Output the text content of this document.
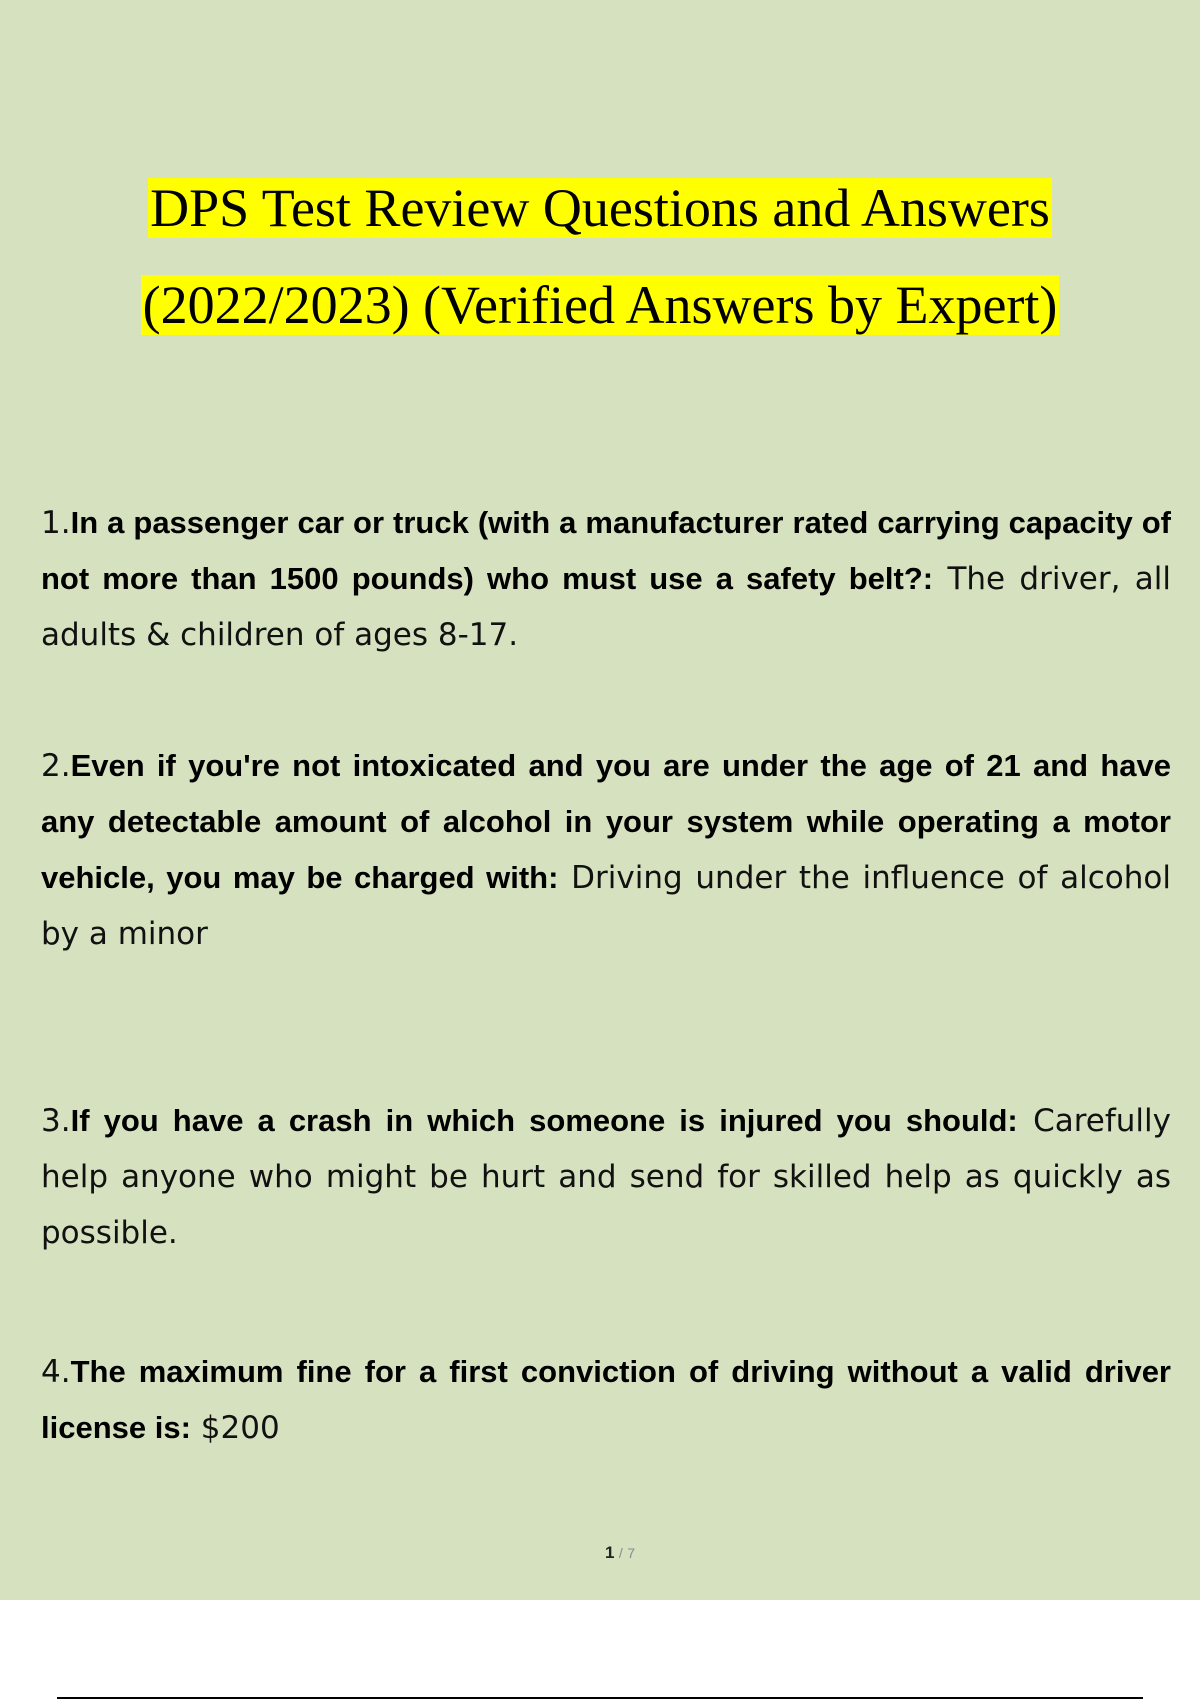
DPS Test Review Questions and Answers
(2022/2023) (Verified Answers by Expert)
1.In a passenger car or truck (with a manufacturer rated carrying capacity of not more than 1500 pounds) who must use a safety belt?: The driver, all adults & children of ages 8-17.
2.Even if you're not intoxicated and you are under the age of 21 and have any detectable amount of alcohol in your system while operating a motor vehicle, you may be charged with: Driving under the influence of alcohol by a minor
3.If you have a crash in which someone is injured you should: Carefully help anyone who might be hurt and send for skilled help as quickly as possible.
4.The maximum fine for a first conviction of driving without a valid driver license is: $200
1 / 7
